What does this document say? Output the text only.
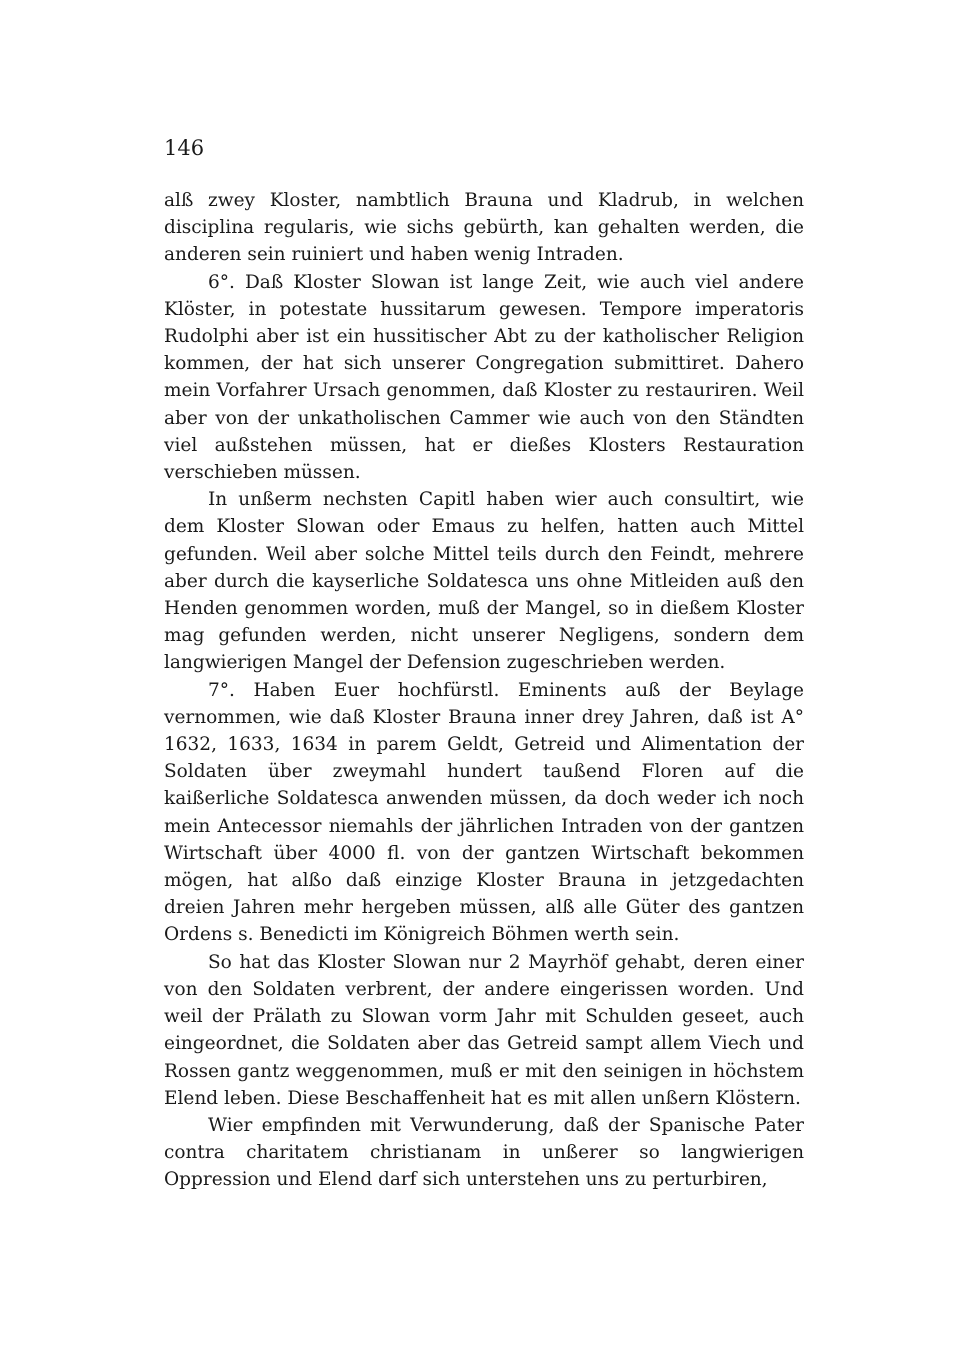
146

alß zwey Kloster, nambtlich Brauna und Kladrub, in welchen disciplina regularis, wie sichs gebürth, kan gehalten werden, die anderen sein ruiniert und haben wenig Intraden.

6°. Daß Kloster Slowan ist lange Zeit, wie auch viel andere Klöster, in potestate hussitarum gewesen. Tempore imperatoris Rudolphi aber ist ein hussitischer Abt zu der katholischer Religion kommen, der hat sich unserer Congregation submittiret. Dahero mein Vorfahrer Ursach genommen, daß Kloster zu restauriren. Weil aber von der unkatholischen Cammer wie auch von den Ständten viel außstehen müssen, hat er dießes Klosters Restauration verschieben müssen.

In unßerm nechsten Capitl haben wier auch consultirt, wie dem Kloster Slowan oder Emaus zu helfen, hatten auch Mittel gefunden. Weil aber solche Mittel teils durch den Feindt, mehrere aber durch die kayserliche Soldatesca uns ohne Mitleiden auß den Henden genommen worden, muß der Mangel, so in dießem Kloster mag gefunden werden, nicht unserer Negligens, sondern dem langwierigen Mangel der Defension zugeschrieben werden.

7°. Haben Euer hochfürstl. Eminents auß der Beylage vernommen, wie daß Kloster Brauna inner drey Jahren, daß ist A° 1632, 1633, 1634 in parem Geldt, Getreid und Alimentation der Soldaten über zweymahl hundert taußend Floren auf die kaißerliche Soldatesca anwenden müssen, da doch weder ich noch mein Antecessor niemahls der jährlichen Intraden von der gantzen Wirtschaft über 4000 fl. von der gantzen Wirtschaft bekommen mögen, hat alßo daß einzige Kloster Brauna in jetzgedachten dreien Jahren mehr hergeben müssen, alß alle Güter des gantzen Ordens s. Benedicti im Königreich Böhmen werth sein.

So hat das Kloster Slowan nur 2 Mayrhöf gehabt, deren einer von den Soldaten verbrent, der andere eingerissen worden. Und weil der Prälath zu Slowan vorm Jahr mit Schulden geseet, auch eingeordnet, die Soldaten aber das Getreid sampt allem Viech und Rossen gantz weggenommen, muß er mit den seinigen in höchstem Elend leben. Diese Beschaffenheit hat es mit allen unßern Klöstern.

Wier empfinden mit Verwunderung, daß der Spanische Pater contra charitatem christianam in unßerer so langwierigen Oppression und Elend darf sich unterstehen uns zu perturbiren,
